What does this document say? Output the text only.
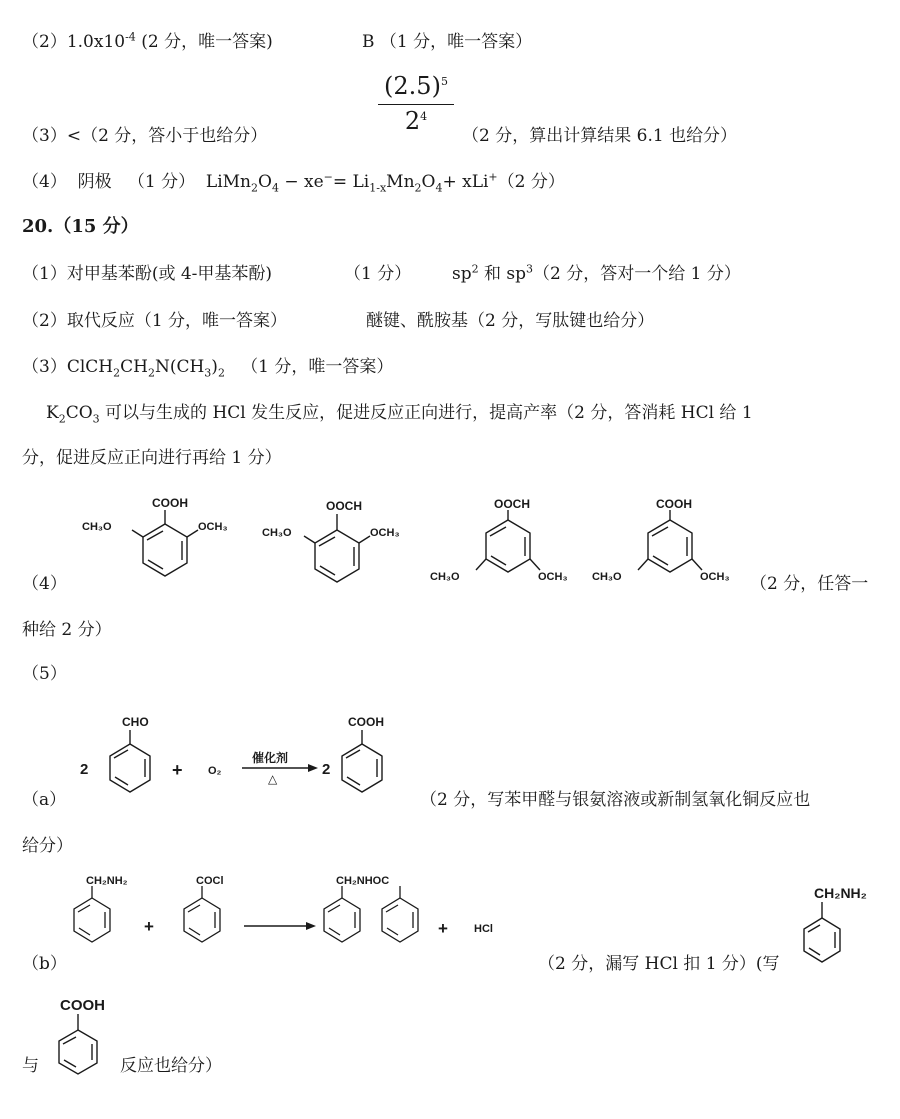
$(2)1.0x10^{-4}$ (2 分，唯一答案)	B （1 分，唯一答案）
（3）<（2 分，答小于也给分）
$(2.5)^5$
$2^4$
（2 分，算出计算结果 6.1 也给分）
（4） 阴极 （1 分） $LiMn_2O_4 - xe^-= Li_{1-x}Mn_2O_4+ xLi^+(2$ 分）
20.（15 分）
（1）对甲基苯酚(或 4-甲基苯酚)	（1 分） $sp^2$ 和 $sp^3(2$ 分，答对一个给 1 分）
（2）取代反应（1 分，唯一答案）	醚键、酰胺基（2 分，写肽键也给分）
$(3)ClCH_2CH_2N(CH_3)_2$ （1 分，唯一答案）
$K_2CO_3$ 可以与生成的 HCl 发生反应，促进反应正向进行，提高产率（2 分，答消耗 HCl 给 1
分，促进反应正向进行再给 1 分）
（4）
COOH
CH₃O	OCH₃
OOCH
CH₃O	OCH₃
OOCH
CH₃O	OCH₃
COOH
CH₃O	OCH₃ （2 分，任答一
种给 2 分）
（5）
（a）
2
CHO
+ O₂
催化剂
△
2
COOH
（2 分，写苯甲醛与银氨溶液或新制氢氧化铜反应也
给分）
（b）
CH₂NH₂
+
COCl	CH₂NHOC
+ HCl
（2 分，漏写 HCl 扣 1 分）(写
CH₂NH₂
COOH
与	反应也给分）
